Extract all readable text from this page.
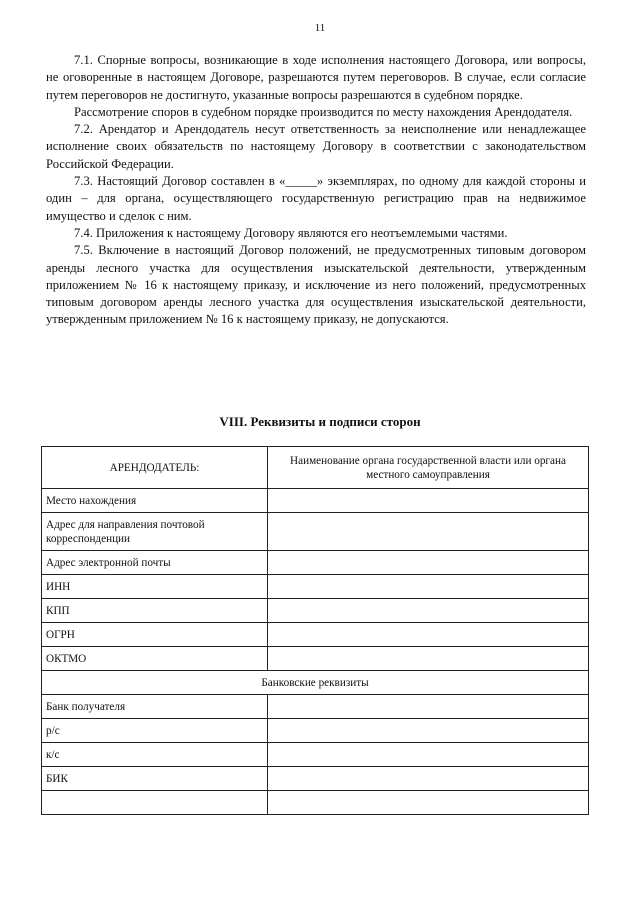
11

7.1. Спорные вопросы, возникающие в ходе исполнения настоящего Договора, или вопросы, не оговоренные в настоящем Договоре, разрешаются путем переговоров. В случае, если согласие путем переговоров не достигнуто, указанные вопросы разрешаются в судебном порядке.

Рассмотрение споров в судебном порядке производится по месту нахождения Арендодателя.

7.2. Арендатор и Арендодатель несут ответственность за неисполнение или ненадлежащее исполнение своих обязательств по настоящему Договору в соответствии с законодательством Российской Федерации.

7.3. Настоящий Договор составлен в «_____» экземплярах, по одному для каждой стороны и один – для органа, осуществляющего государственную регистрацию прав на недвижимое имущество и сделок с ним.

7.4. Приложения к настоящему Договору являются его неотъемлемыми частями.

7.5. Включение в настоящий Договор положений, не предусмотренных типовым договором аренды лесного участка для осуществления изыскательской деятельности, утвержденным приложением № 16 к настоящему приказу, и исключение из него положений, предусмотренных типовым договором аренды лесного участка для осуществления изыскательской деятельности, утвержденным приложением № 16 к настоящему приказу, не допускаются.

VIII. Реквизиты и подписи сторон
АРЕНДОДАТЕЛЬ:	Наименование органа государственной власти или органа местного самоуправления
Место нахождения	
Адрес для направления почтовой корреспонденции	
Адрес электронной почты	
ИНН	
КПП	
ОГРН	
ОКТМО	
Банковские реквизиты	
Банк получателя	
р/с	
к/с	
БИК	
